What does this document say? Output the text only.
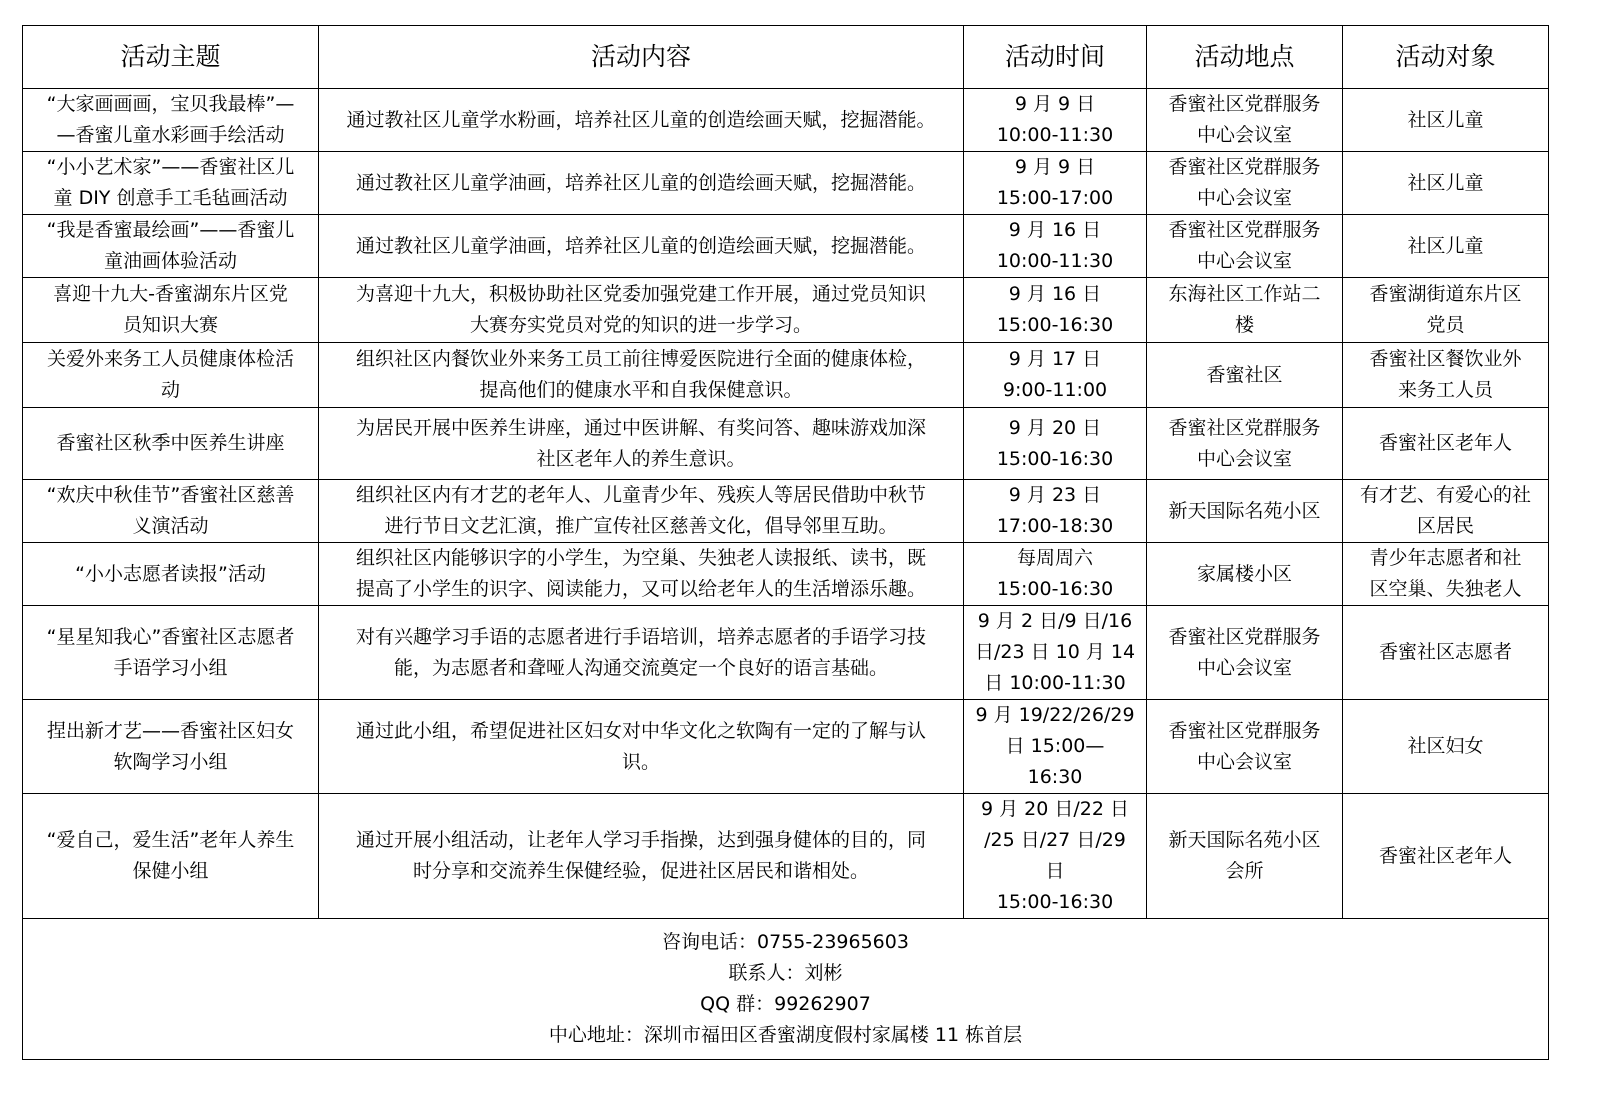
活动主题	活动内容	活动时间	活动地点	活动对象

“大家画画画，宝贝我最棒”—
—香蜜儿童水彩画手绘活动	通过教社区儿童学水粉画，培养社区儿童的创造绘画天赋，挖掘潜能。	9 月 9 日
10:00-11:30	香蜜社区党群服务
中心会议室	社区儿童

“小小艺术家”——香蜜社区儿
童 DIY 创意手工毛毡画活动	通过教社区儿童学油画，培养社区儿童的创造绘画天赋，挖掘潜能。	9 月 9 日
15:00-17:00	香蜜社区党群服务
中心会议室	社区儿童

“我是香蜜最绘画”——香蜜儿
童油画体验活动	通过教社区儿童学油画，培养社区儿童的创造绘画天赋，挖掘潜能。	9 月 16 日
10:00-11:30	香蜜社区党群服务
中心会议室	社区儿童

喜迎十九大-香蜜湖东片区党
员知识大赛	为喜迎十九大，积极协助社区党委加强党建工作开展，通过党员知识
大赛夯实党员对党的知识的进一步学习。	9 月 16 日
15:00-16:30	东海社区工作站二
楼	香蜜湖街道东片区
党员

关爱外来务工人员健康体检活
动	组织社区内餐饮业外来务工员工前往博爱医院进行全面的健康体检，
提高他们的健康水平和自我保健意识。	9 月 17 日
9:00-11:00	香蜜社区	香蜜社区餐饮业外
来务工人员

香蜜社区秋季中医养生讲座	为居民开展中医养生讲座，通过中医讲解、有奖问答、趣味游戏加深
社区老年人的养生意识。	9 月 20 日
15:00-16:30	香蜜社区党群服务
中心会议室	香蜜社区老年人

“欢庆中秋佳节”香蜜社区慈善
义演活动	组织社区内有才艺的老年人、儿童青少年、残疾人等居民借助中秋节
进行节日文艺汇演，推广宣传社区慈善文化，倡导邻里互助。	9 月 23 日
17:00-18:30	新天国际名苑小区	有才艺、有爱心的社
区居民

“小小志愿者读报”活动	组织社区内能够识字的小学生，为空巢、失独老人读报纸、读书，既
提高了小学生的识字、阅读能力，又可以给老年人的生活增添乐趣。	每周周六
15:00-16:30	家属楼小区	青少年志愿者和社
区空巢、失独老人

“星星知我心”香蜜社区志愿者
手语学习小组	对有兴趣学习手语的志愿者进行手语培训，培养志愿者的手语学习技
能，为志愿者和聋哑人沟通交流奠定一个良好的语言基础。	9 月 2 日/9 日/16
日/23 日 10 月 14
日 10:00-11:30	香蜜社区党群服务
中心会议室	香蜜社区志愿者

捏出新才艺——香蜜社区妇女
软陶学习小组	通过此小组，希望促进社区妇女对中华文化之软陶有一定的了解与认
识。	9 月 19/22/26/29
日 15:00—
16:30	香蜜社区党群服务
中心会议室	社区妇女

“爱自己，爱生活”老年人养生
保健小组	通过开展小组活动，让老年人学习手指操，达到强身健体的目的，同
时分享和交流养生保健经验，促进社区居民和谐相处。	9 月 20 日/22 日
/25 日/27 日/29
日
15:00-16:30	新天国际名苑小区
会所	香蜜社区老年人

咨询电话：0755-23965603
联系人：刘彬
QQ 群：99262907
中心地址：深圳市福田区香蜜湖度假村家属楼 11 栋首层				
